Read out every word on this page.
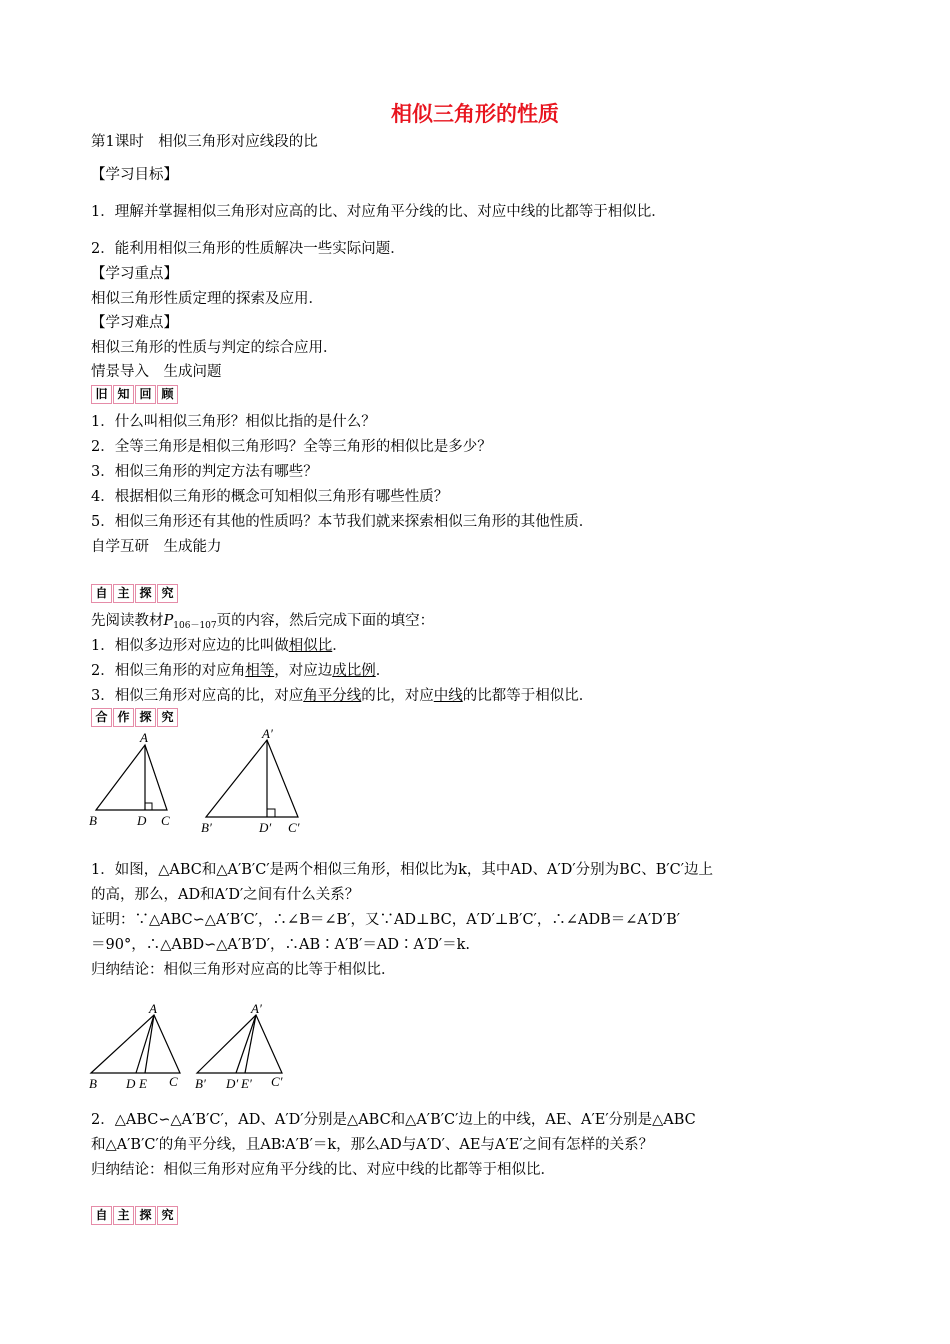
相似三角形的性质
第1课时　相似三角形对应线段的比
【学习目标】
1．理解并掌握相似三角形对应高的比、对应角平分线的比、对应中线的比都等于相似比．
2．能利用相似三角形的性质解决一些实际问题．
【学习重点】
相似三角形性质定理的探索及应用．
【学习难点】
相似三角形的性质与判定的综合应用．
情景导入　生成问题
旧 知 回 顾
1．什么叫相似三角形？相似比指的是什么？
2．全等三角形是相似三角形吗？全等三角形的相似比是多少？
3．相似三角形的判定方法有哪些？
4．根据相似三角形的概念可知相似三角形有哪些性质？
5．相似三角形还有其他的性质吗？本节我们就来探索相似三角形的其他性质．
自学互研　生成能力
自 主 探 究
先阅读教材$P_{106-107}$页的内容，然后完成下面的填空：
1．相似多边形对应边的比叫做相似比．
2．相似三角形的对应角相等，对应边成比例．
3．相似三角形对应高的比，对应角平分线的比，对应中线的比都等于相似比．
合 作 探 究
A
B	D C
A′
B′	D′ C′
1．如图，△ABC和△A′B′C′是两个相似三角形，相似比为k，其中AD、A′D′分别为BC、B′C′边上
的高，那么，AD和A′D′之间有什么关系？
证明：∵△ABC∽△A′B′C′，∴∠B＝∠B′，又∵AD⊥BC，A′D′⊥B′C′，∴∠ADB＝∠A′D′B′
＝90°，∴△ABD∽△A′B′D′，∴AB∶A′B′＝AD∶A′D′＝k.
归纳结论：相似三角形对应高的比等于相似比．
A
B D E C
A′
B′ D′ E′ C′
2．△ABC∽△A′B′C′，AD、A′D′分别是△ABC和△A′B′C′边上的中线，AE、A′E′分别是△ABC
和△A′B′C′的角平分线，且AB∶A′B′＝k，那么AD与A′D′、AE与A′E′之间有怎样的关系？
归纳结论：相似三角形对应角平分线的比、对应中线的比都等于相似比．
自 主 探 究
